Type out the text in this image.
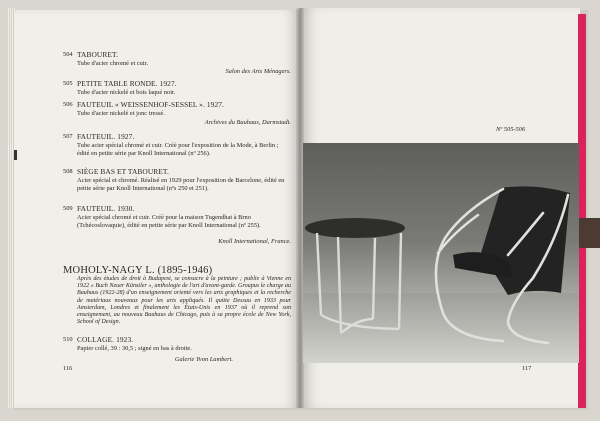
504 TABOURET.
Tube d'acier chromé et cuir.
Salon des Arts Ménagers.
505 PETITE TABLE RONDE. 1927.
Tube d'acier nickelé et bois laqué noir.
506 FAUTEUIL « WEISSENHOF-SESSEL ». 1927.
Tube d'acier nickelé et jonc tressé.
Archives du Bauhaus, Darmstadt.
507 FAUTEUIL. 1927.
Tube acier spécial chromé et cuir. Créé pour l'exposition de la Mode, à Berlin ; édité en petite série par Knoll International (nº 256).
508 SIÈGE BAS ET TABOURET.
Acier spécial et chromé. Réalisé en 1929 pour l'exposition de Barcelone, édité en petite série par Knoll International (nºs 250 et 251).
509 FAUTEUIL. 1930.
Acier spécial chromé et cuir. Créé pour la maison Tugendhat à Brno (Tchécoslovaquie), édité en petite série par Knoll International (nº 255).
Knoll International, France.
MOHOLY-NAGY L. (1895-1946)
Après des études de droit à Budapest, se consacre à la peinture ; publie à Vienne en 1922 « Buch Neuer Künstler », anthologie de l'art d'avant-garde. Groupus le charge au Bauhaus (1922-28) d'un enseignement orienté vers les arts graphiques et la recherche de matériaux nouveaux pour les arts appliqués. Il quitte Dessau en 1933 pour Amsterdam, Londres et finalement les États-Unis en 1937 où il reprend son enseignement, au nouveau Bauhaus de Chicago, puis à sa propre école de New York, School of Design.
510 COLLAGE. 1923.
Papier collé, 39 : 30,5 ; signé en bas à droite.
Galerie Yvon Lambert.
116
Nº 505-506
117
